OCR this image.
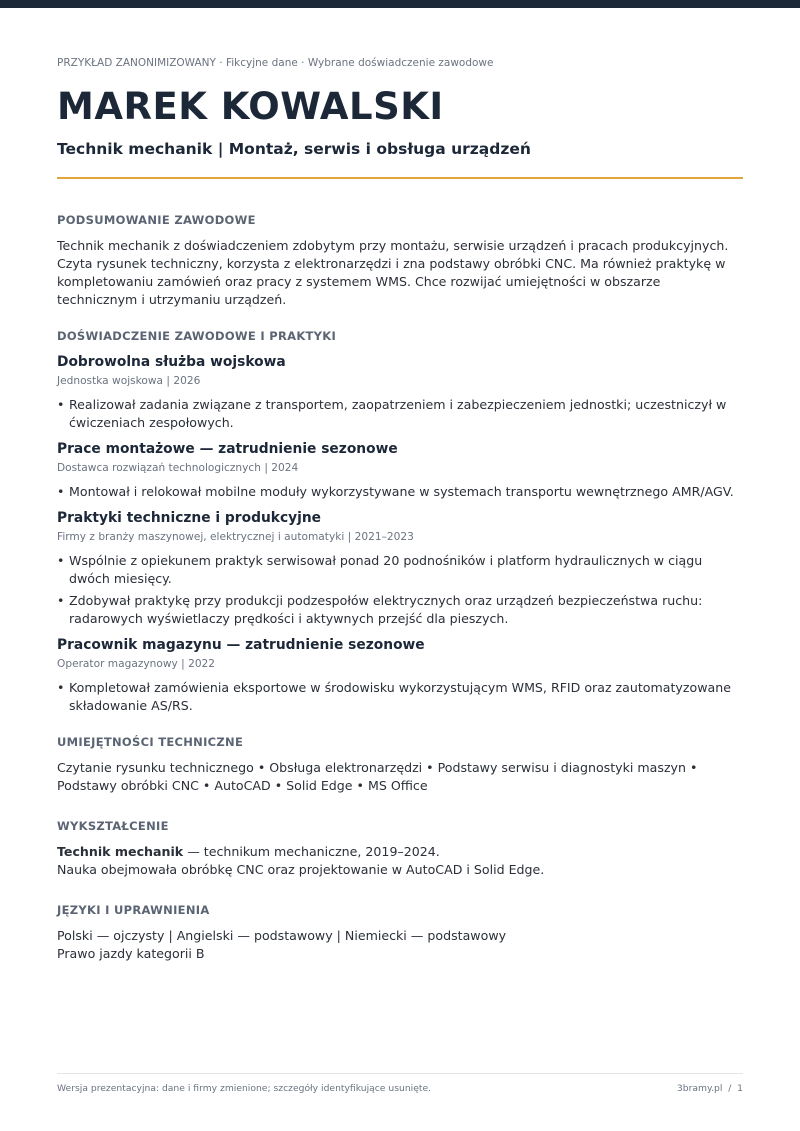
PRZYKŁAD ZANONIMIZOWANY · Fikcyjne dane · Wybrane doświadczenie zawodowe
MAREK KOWALSKI
Technik mechanik | Montaż, serwis i obsługa urządzeń
PODSUMOWANIE ZAWODOWE
Technik mechanik z doświadczeniem zdobytym przy montażu, serwisie urządzeń i pracach produkcyjnych. Czyta rysunek techniczny, korzysta z elektronarzędzi i zna podstawy obróbki CNC. Ma również praktykę w kompletowaniu zamówień oraz pracy z systemem WMS. Chce rozwijać umiejętności w obszarze technicznym i utrzymaniu urządzeń.
DOŚWIADCZENIE ZAWODOWE I PRAKTYKI
Dobrowolna służba wojskowa
Jednostka wojskowa | 2026
• Realizował zadania związane z transportem, zaopatrzeniem i zabezpieczeniem jednostki; uczestniczył w ćwiczeniach zespołowych.
Prace montażowe — zatrudnienie sezonowe
Dostawca rozwiązań technologicznych | 2024
• Montował i relokował mobilne moduły wykorzystywane w systemach transportu wewnętrznego AMR/AGV.
Praktyki techniczne i produkcyjne
Firmy z branży maszynowej, elektrycznej i automatyki | 2021–2023
• Wspólnie z opiekunem praktyk serwisował ponad 20 podnośników i platform hydraulicznych w ciągu dwóch miesięcy.
• Zdobywał praktykę przy produkcji podzespołów elektrycznych oraz urządzeń bezpieczeństwa ruchu: radarowych wyświetlaczy prędkości i aktywnych przejść dla pieszych.
Pracownik magazynu — zatrudnienie sezonowe
Operator magazynowy | 2022
• Kompletował zamówienia eksportowe w środowisku wykorzystującym WMS, RFID oraz zautomatyzowane składowanie AS/RS.
UMIEJĘTNOŚCI TECHNICZNE
Czytanie rysunku technicznego • Obsługa elektronarzędzi • Podstawy serwisu i diagnostyki maszyn • Podstawy obróbki CNC • AutoCAD • Solid Edge • MS Office
WYKSZTAŁCENIE
Technik mechanik — technikum mechaniczne, 2019–2024.
Nauka obejmowała obróbkę CNC oraz projektowanie w AutoCAD i Solid Edge.
JĘZYKI I UPRAWNIENIA
Polski — ojczysty | Angielski — podstawowy | Niemiecki — podstawowy
Prawo jazdy kategorii B
Wersja prezentacyjna: dane i firmy zmienione; szczegóły identyfikujące usunięte.	3bramy.pl  /  1
